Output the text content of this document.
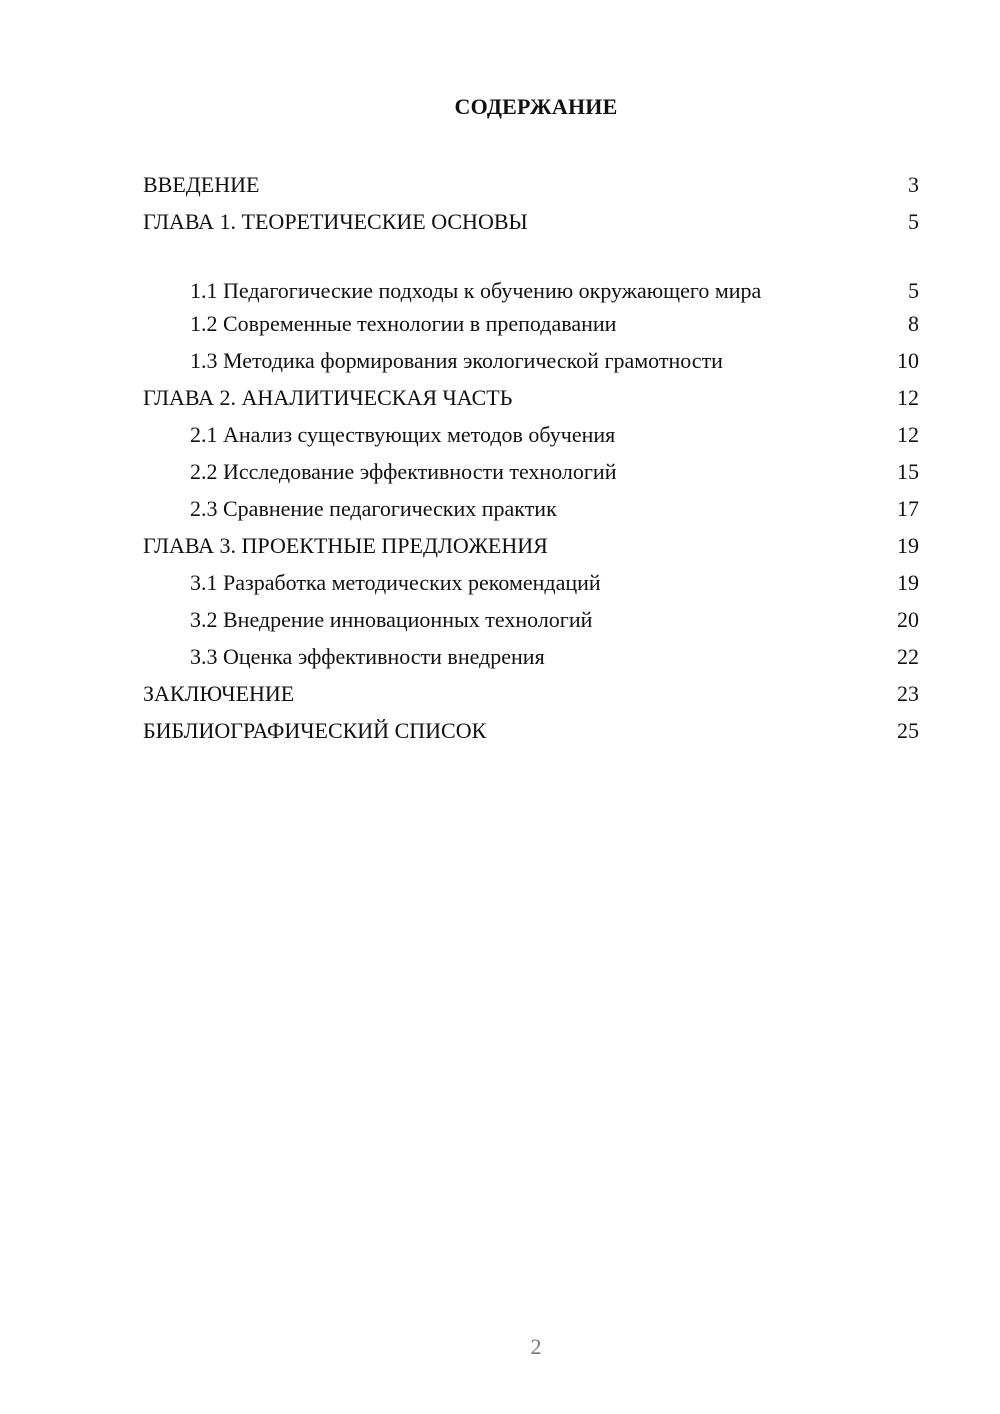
СОДЕРЖАНИЕ
ВВЕДЕНИЕ	3
ГЛАВА 1. ТЕОРЕТИЧЕСКИЕ ОСНОВЫ	5
1.1 Педагогические подходы к обучению окружающего мира	5
1.2 Современные технологии в преподавании	8
1.3 Методика формирования экологической грамотности	10
ГЛАВА 2. АНАЛИТИЧЕСКАЯ ЧАСТЬ	12
2.1 Анализ существующих методов обучения	12
2.2 Исследование эффективности технологий	15
2.3 Сравнение педагогических практик	17
ГЛАВА 3. ПРОЕКТНЫЕ ПРЕДЛОЖЕНИЯ	19
3.1 Разработка методических рекомендаций	19
3.2 Внедрение инновационных технологий	20
3.3 Оценка эффективности внедрения	22
ЗАКЛЮЧЕНИЕ	23
БИБЛИОГРАФИЧЕСКИЙ СПИСОК	25
2
